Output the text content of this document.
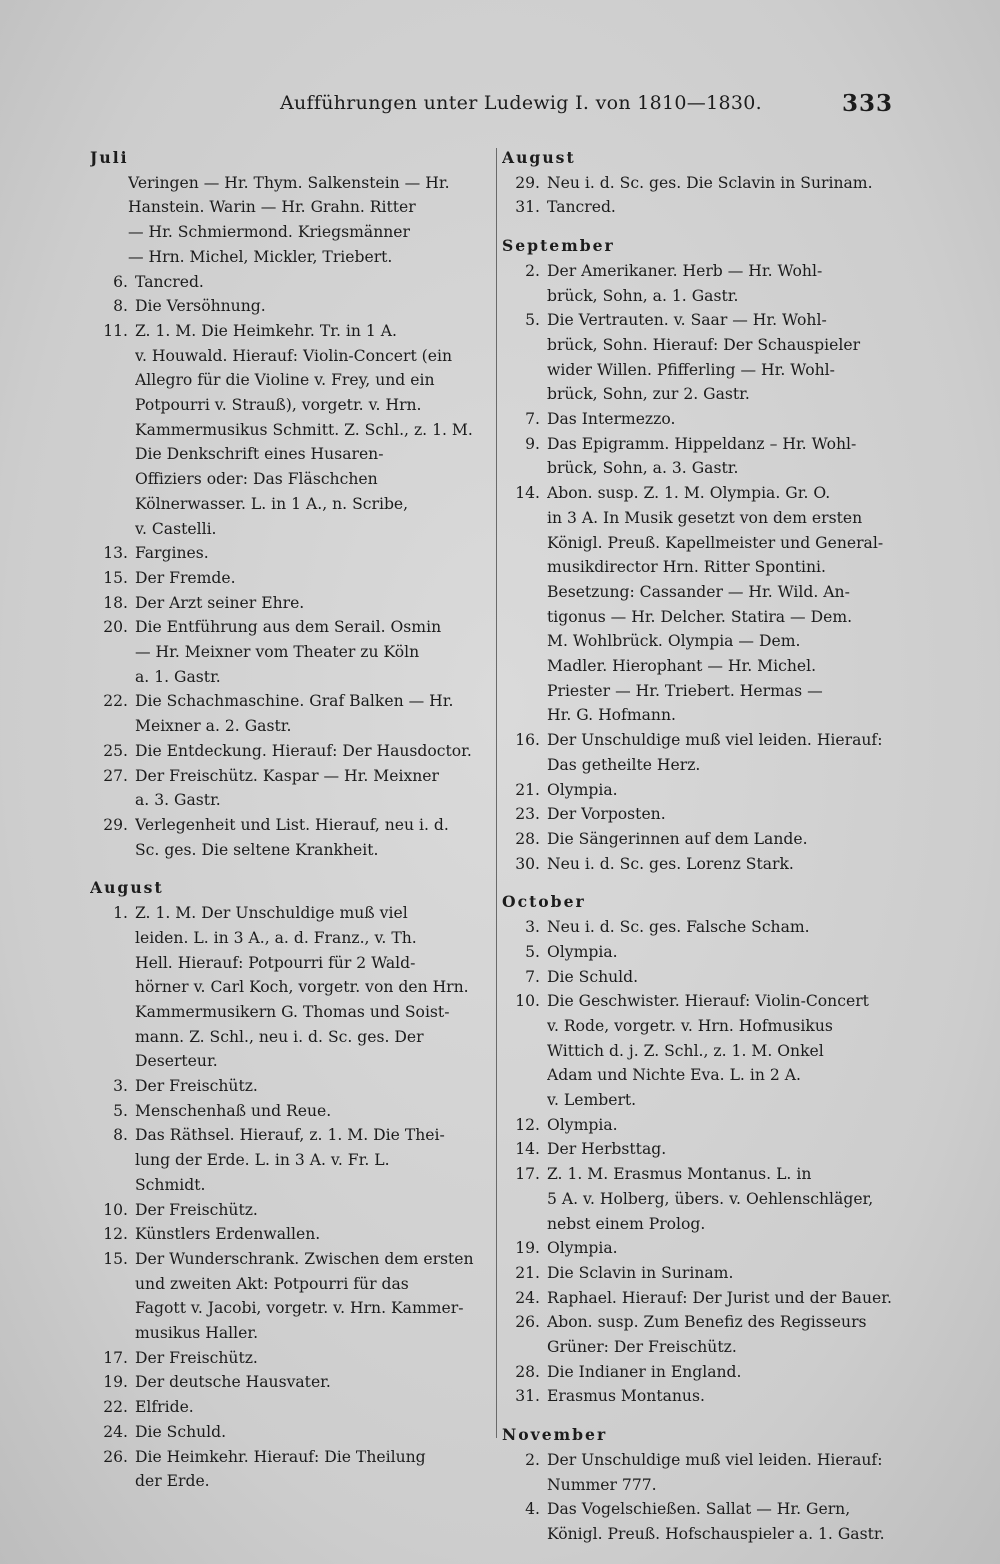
Aufführungen unter Ludewig I. von 1810—1830.	333
Juli
Veringen — Hr. Thym. Salkenstein — Hr.
Hanstein. Warin — Hr. Grahn. Ritter
— Hr. Schmiermond. Kriegsmänner
— Hrn. Michel, Mickler, Triebert.
6. Tancred.
8. Die Versöhnung.
11. Z. 1. M. Die Heimkehr. Tr. in 1 A.
v. Houwald. Hierauf: Violin-Concert (ein
Allegro für die Violine v. Frey, und ein
Potpourri v. Strauß), vorgetr. v. Hrn.
Kammermusikus Schmitt. Z. Schl., z. 1. M.
Die Denkschrift eines Husaren-
Offiziers oder: Das Fläschchen
Kölnerwasser. L. in 1 A., n. Scribe,
v. Castelli.
13. Fargines.
15. Der Fremde.
18. Der Arzt seiner Ehre.
20. Die Entführung aus dem Serail. Osmin
— Hr. Meixner vom Theater zu Köln
a. 1. Gastr.
22. Die Schachmaschine. Graf Balken — Hr.
Meixner a. 2. Gastr.
25. Die Entdeckung. Hierauf: Der Hausdoctor.
27. Der Freischütz. Kaspar — Hr. Meixner
a. 3. Gastr.
29. Verlegenheit und List. Hierauf, neu i. d.
Sc. ges. Die seltene Krankheit.
August
1. Z. 1. M. Der Unschuldige muß viel
leiden. L. in 3 A., a. d. Franz., v. Th.
Hell. Hierauf: Potpourri für 2 Wald-
hörner v. Carl Koch, vorgetr. von den Hrn.
Kammermusikern G. Thomas und Soist-
mann. Z. Schl., neu i. d. Sc. ges. Der
Deserteur.
3. Der Freischütz.
5. Menschenhaß und Reue.
8. Das Räthsel. Hierauf, z. 1. M. Die Thei-
lung der Erde. L. in 3 A. v. Fr. L.
Schmidt.
10. Der Freischütz.
12. Künstlers Erdenwallen.
15. Der Wunderschrank. Zwischen dem ersten
und zweiten Akt: Potpourri für das
Fagott v. Jacobi, vorgetr. v. Hrn. Kammer-
musikus Haller.
17. Der Freischütz.
19. Der deutsche Hausvater.
22. Elfride.
24. Die Schuld.
26. Die Heimkehr. Hierauf: Die Theilung
der Erde.
August
29. Neu i. d. Sc. ges. Die Sclavin in Surinam.
31. Tancred.
September
2. Der Amerikaner. Herb — Hr. Wohl-
brück, Sohn, a. 1. Gastr.
5. Die Vertrauten. v. Saar — Hr. Wohl-
brück, Sohn. Hierauf: Der Schauspieler
wider Willen. Pfifferling — Hr. Wohl-
brück, Sohn, zur 2. Gastr.
7. Das Intermezzo.
9. Das Epigramm. Hippeldanz – Hr. Wohl-
brück, Sohn, a. 3. Gastr.
14. Abon. susp. Z. 1. M. Olympia. Gr. O.
in 3 A. In Musik gesetzt von dem ersten
Königl. Preuß. Kapellmeister und General-
musikdirector Hrn. Ritter Spontini.
Besetzung: Cassander — Hr. Wild. An-
tigonus — Hr. Delcher. Statira — Dem.
M. Wohlbrück. Olympia — Dem.
Madler. Hierophant — Hr. Michel.
Priester — Hr. Triebert. Hermas —
Hr. G. Hofmann.
16. Der Unschuldige muß viel leiden. Hierauf:
Das getheilte Herz.
21. Olympia.
23. Der Vorposten.
28. Die Sängerinnen auf dem Lande.
30. Neu i. d. Sc. ges. Lorenz Stark.
October
3. Neu i. d. Sc. ges. Falsche Scham.
5. Olympia.
7. Die Schuld.
10. Die Geschwister. Hierauf: Violin-Concert
v. Rode, vorgetr. v. Hrn. Hofmusikus
Wittich d. j. Z. Schl., z. 1. M. Onkel
Adam und Nichte Eva. L. in 2 A.
v. Lembert.
12. Olympia.
14. Der Herbsttag.
17. Z. 1. M. Erasmus Montanus. L. in
5 A. v. Holberg, übers. v. Oehlenschläger,
nebst einem Prolog.
19. Olympia.
21. Die Sclavin in Surinam.
24. Raphael. Hierauf: Der Jurist und der Bauer.
26. Abon. susp. Zum Benefiz des Regisseurs
Grüner: Der Freischütz.
28. Die Indianer in England.
31. Erasmus Montanus.
November
2. Der Unschuldige muß viel leiden. Hierauf:
Nummer 777.
4. Das Vogelschießen. Sallat — Hr. Gern,
Königl. Preuß. Hofschauspieler a. 1. Gastr.
